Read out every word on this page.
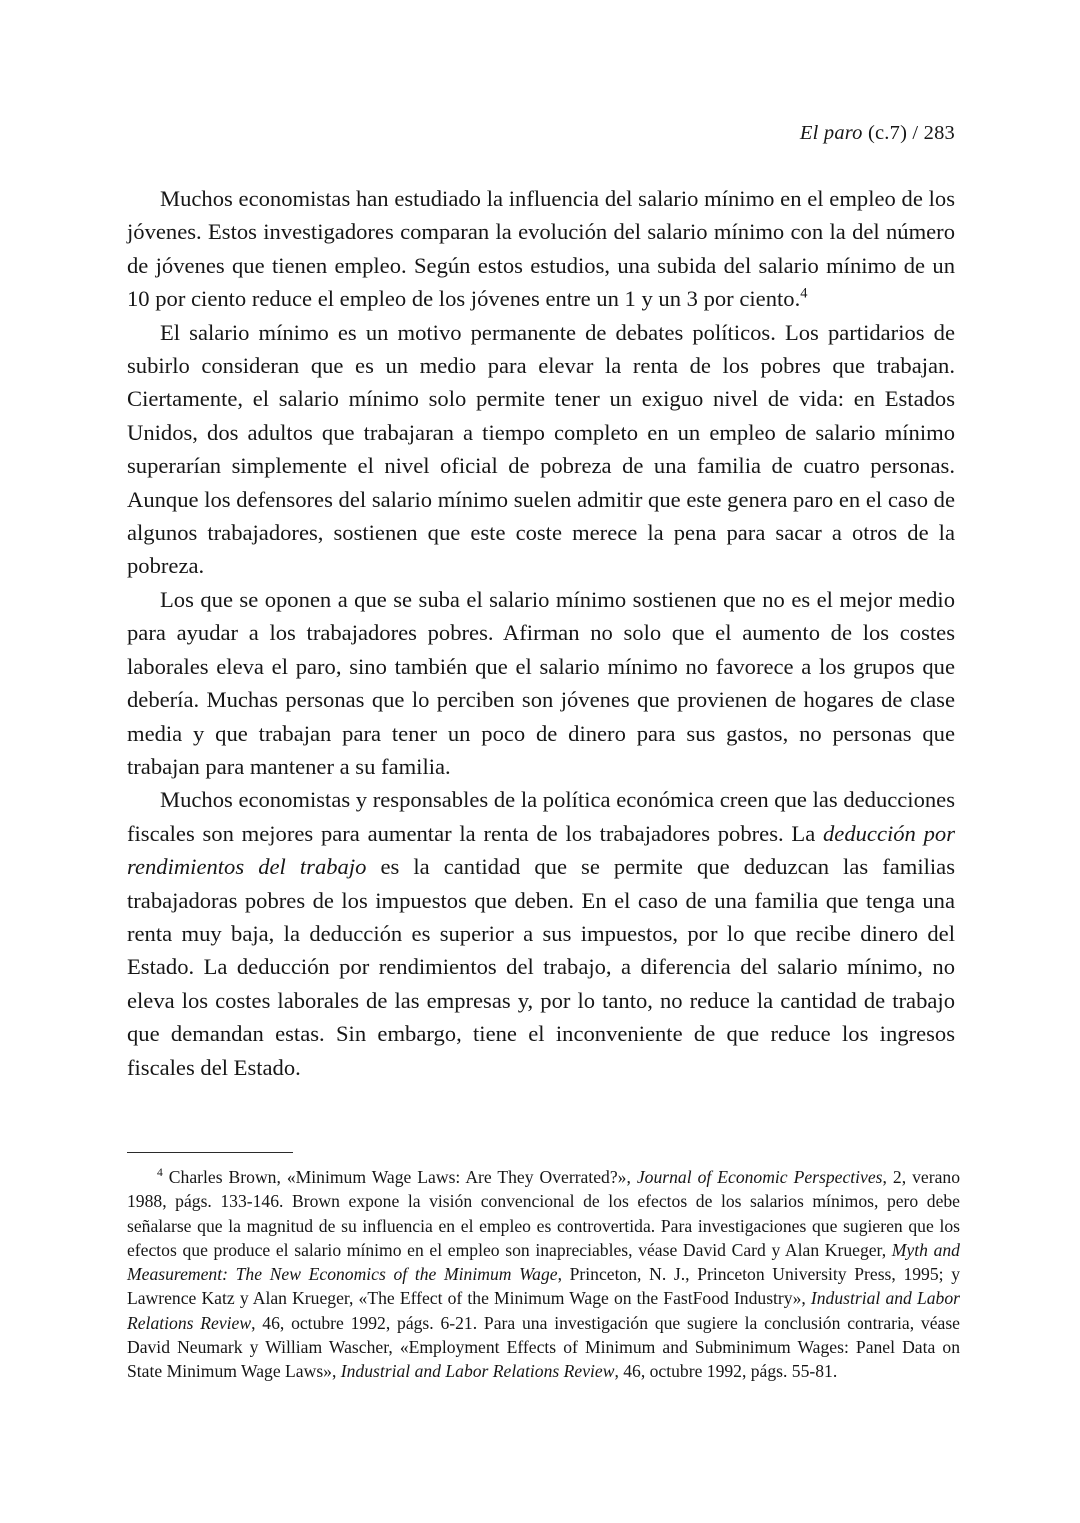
El paro (c.7) / 283

Muchos economistas han estudiado la influencia del salario mínimo en el empleo de los jóvenes. Estos investigadores comparan la evolución del salario mínimo con la del número de jóvenes que tienen empleo. Según estos estudios, una subida del salario mínimo de un 10 por ciento reduce el empleo de los jóvenes entre un 1 y un 3 por ciento.$^4$

El salario mínimo es un motivo permanente de debates políticos. Los partidarios de subirlo consideran que es un medio para elevar la renta de los pobres que trabajan. Ciertamente, el salario mínimo solo permite tener un exiguo nivel de vida: en Estados Unidos, dos adultos que trabajaran a tiempo completo en un empleo de salario mínimo superarían simplemente el nivel oficial de pobreza de una familia de cuatro personas. Aunque los defensores del salario mínimo suelen admitir que este genera paro en el caso de algunos trabajadores, sostienen que este coste merece la pena para sacar a otros de la pobreza.

Los que se oponen a que se suba el salario mínimo sostienen que no es el mejor medio para ayudar a los trabajadores pobres. Afirman no solo que el aumento de los costes laborales eleva el paro, sino también que el salario mínimo no favorece a los grupos que debería. Muchas personas que lo perciben son jóvenes que provienen de hogares de clase media y que trabajan para tener un poco de dinero para sus gastos, no personas que trabajan para mantener a su familia.

Muchos economistas y responsables de la política económica creen que las deducciones fiscales son mejores para aumentar la renta de los trabajadores pobres. La deducción por rendimientos del trabajo es la cantidad que se permite que deduzcan las familias trabajadoras pobres de los impuestos que deben. En el caso de una familia que tenga una renta muy baja, la deducción es superior a sus impuestos, por lo que recibe dinero del Estado. La deducción por rendimientos del trabajo, a diferencia del salario mínimo, no eleva los costes laborales de las empresas y, por lo tanto, no reduce la cantidad de trabajo que demandan estas. Sin embargo, tiene el inconveniente de que reduce los ingresos fiscales del Estado.

$^4$ Charles Brown, «Minimum Wage Laws: Are They Overrated?», Journal of Economic Perspectives, 2, verano 1988, págs. 133-146. Brown expone la visión convencional de los efectos de los salarios mínimos, pero debe señalarse que la magnitud de su influencia en el empleo es controvertida. Para investigaciones que sugieren que los efectos que produce el salario mínimo en el empleo son inapreciables, véase David Card y Alan Krueger, Myth and Measurement: The New Economics of the Minimum Wage, Princeton, N. J., Princeton University Press, 1995; y Lawrence Katz y Alan Krueger, «The Effect of the Minimum Wage on the FastFood Industry», Industrial and Labor Relations Review, 46, octubre 1992, págs. 6-21. Para una investigación que sugiere la conclusión contraria, véase David Neumark y William Wascher, «Employment Effects of Minimum and Subminimum Wages: Panel Data on State Minimum Wage Laws», Industrial and Labor Relations Review, 46, octubre 1992, págs. 55-81.
